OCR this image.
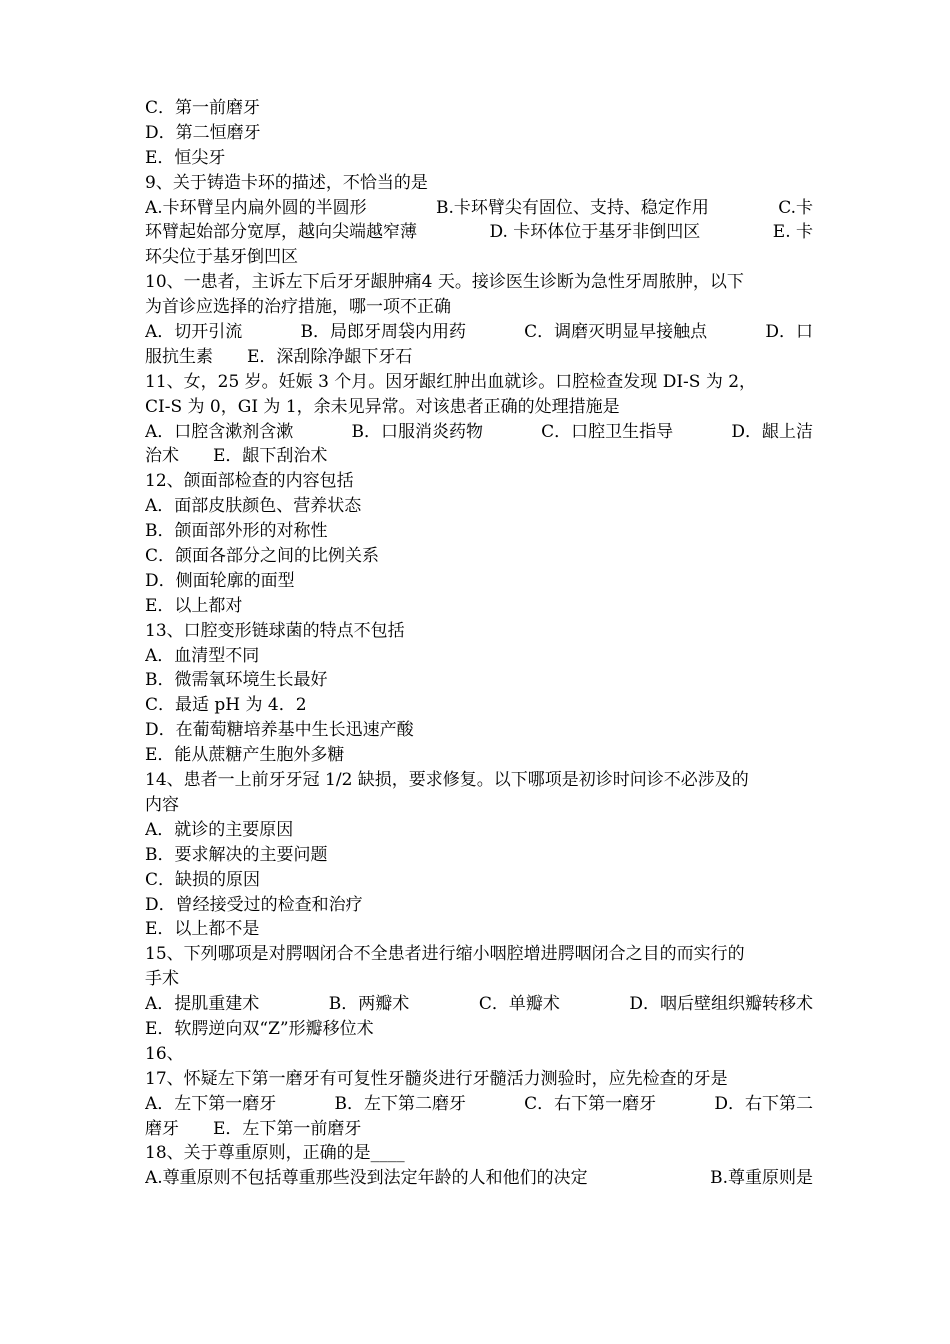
C．第一前磨牙
D．第二恒磨牙
E．恒尖牙
9、关于铸造卡环的描述，不恰当的是
A.卡环臂呈内扁外圆的半圆形	B.卡环臂尖有固位、支持、稳定作用	C.卡
环臂起始部分宽厚，越向尖端越窄薄	D. 卡环体位于基牙非倒凹区	E. 卡
环尖位于基牙倒凹区
10、一患者，主诉左下后牙牙龈肿痛4 天。接诊医生诊断为急性牙周脓肿，以下
为首诊应选择的治疗措施，哪一项不正确
A．切开引流	B．局郎牙周袋内用药	C．调磨灭明显早接触点	D．口
服抗生素　　E．深刮除净龈下牙石
11、女，25 岁。妊娠 3 个月。因牙龈红肿出血就诊。口腔检查发现 DI-S 为 2，
CI-S 为 0，GI 为 1，余未见异常。对该患者正确的处理措施是
A．口腔含漱剂含漱	B．口服消炎药物	C．口腔卫生指导	D．龈上洁
治术　　E．龈下刮治术
12、颌面部检查的内容包括
A．面部皮肤颜色、营养状态
B．颌面部外形的对称性
C．颌面各部分之间的比例关系
D．侧面轮廓的面型
E．以上都对
13、口腔变形链球菌的特点不包括
A．血清型不同
B．微需氧环境生长最好
C．最适 pH 为 4．2
D．在葡萄糖培养基中生长迅速产酸
E．能从蔗糖产生胞外多糖
14、患者一上前牙牙冠 1/2 缺损，要求修复。以下哪项是初诊时问诊不必涉及的
内容
A．就诊的主要原因
B．要求解决的主要问题
C．缺损的原因
D．曾经接受过的检查和治疗
E．以上都不是
15、下列哪项是对腭咽闭合不全患者进行缩小咽腔增进腭咽闭合之目的而实行的
手术
A．提肌重建术	B．两瓣术	C．单瓣术	D．咽后壁组织瓣转移术
E．软腭逆向双“Z”形瓣移位术
16、
17、怀疑左下第一磨牙有可复性牙髓炎进行牙髓活力测验时，应先检查的牙是
A．左下第一磨牙	B．左下第二磨牙	C．右下第一磨牙	D．右下第二
磨牙　　E．左下第一前磨牙
18、关于尊重原则，正确的是____
A.尊重原则不包括尊重那些没到法定年龄的人和他们的决定	B.尊重原则是
